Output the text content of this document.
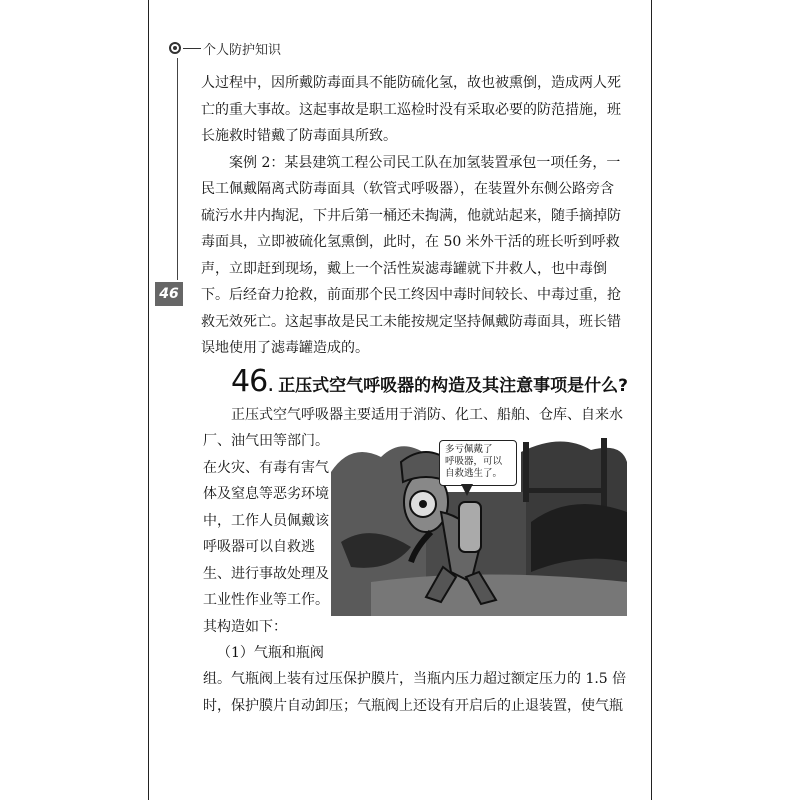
个人防护知识
46

人过程中，因所戴防毒面具不能防硫化氢，故也被熏倒，造成两人死

亡的重大事故。这起事故是职工巡检时没有采取必要的防范措施，班

长施救时错戴了防毒面具所致。

案例 2：某县建筑工程公司民工队在加氢装置承包一项任务，一

民工佩戴隔离式防毒面具（软管式呼吸器），在装置外东侧公路旁含

硫污水井内掏泥，下井后第一桶还未掏满，他就站起来，随手摘掉防

毒面具，立即被硫化氢熏倒，此时，在 50 米外干活的班长听到呼救

声，立即赶到现场，戴上一个活性炭滤毒罐就下井救人，也中毒倒

下。后经奋力抢救，前面那个民工终因中毒时间较长、中毒过重，抢

救无效死亡。这起事故是民工未能按规定坚持佩戴防毒面具，班长错

误地使用了滤毒罐造成的。

46 . 正压式空气呼吸器的构造及其注意事项是什么?

正压式空气呼吸器主要适用于消防、化工、船舶、仓库、自来水

厂、油气田等部门。

在火灾、有毒有害气

体及窒息等恶劣环境

中，工作人员佩戴该

呼吸器可以自救逃

生、进行事故处理及

工业性作业等工作。

其构造如下：

（1）气瓶和瓶阀

多亏佩戴了

呼吸器，可以

自救逃生了。

组。气瓶阀上装有过压保护膜片，当瓶内压力超过额定压力的 1.5 倍

时，保护膜片自动卸压；气瓶阀上还设有开启后的止退装置，使气瓶
